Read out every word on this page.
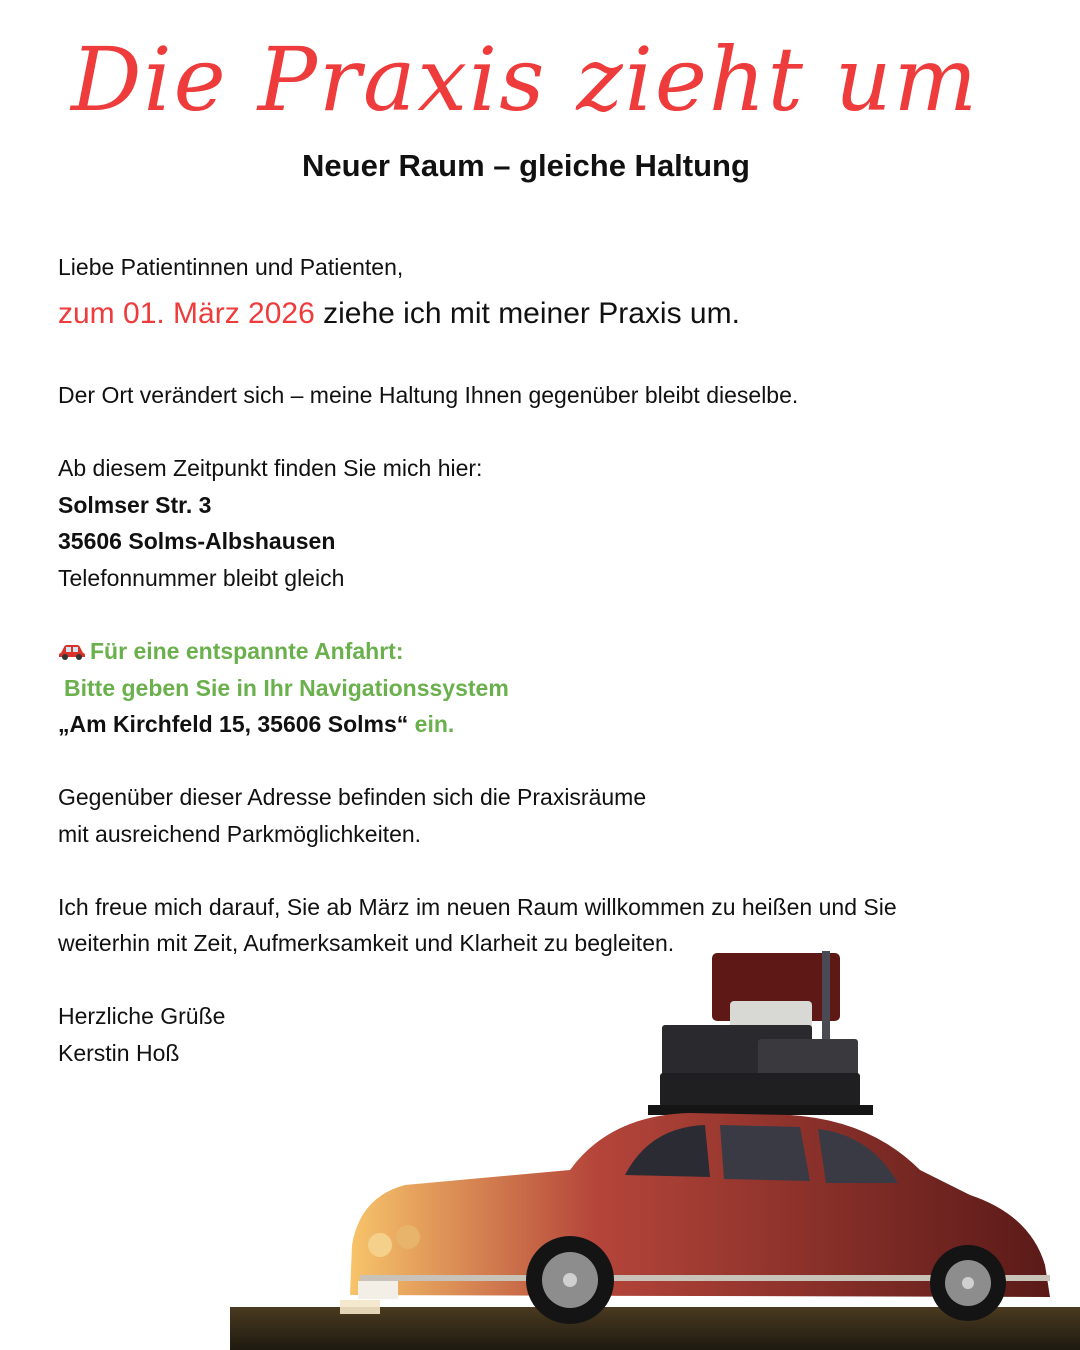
Die Praxis zieht um
Neuer Raum – gleiche Haltung

Liebe Patientinnen und Patienten,

zum 01. März 2026 ziehe ich mit meiner Praxis um.

Der Ort verändert sich – meine Haltung Ihnen gegenüber bleibt dieselbe.

Ab diesem Zeitpunkt finden Sie mich hier:

Solmser Str. 3

35606 Solms-Albshausen

Telefonnummer bleibt gleich

Für eine entspannte Anfahrt:

Bitte geben Sie in Ihr Navigationssystem

„Am Kirchfeld 15, 35606 Solms“ ein.

Gegenüber dieser Adresse befinden sich die Praxisräume

mit ausreichend Parkmöglichkeiten.

Ich freue mich darauf, Sie ab März im neuen Raum willkommen zu heißen und Sie

weiterhin mit Zeit, Aufmerksamkeit und Klarheit zu begleiten.

Herzliche Grüße

Kerstin Hoß
